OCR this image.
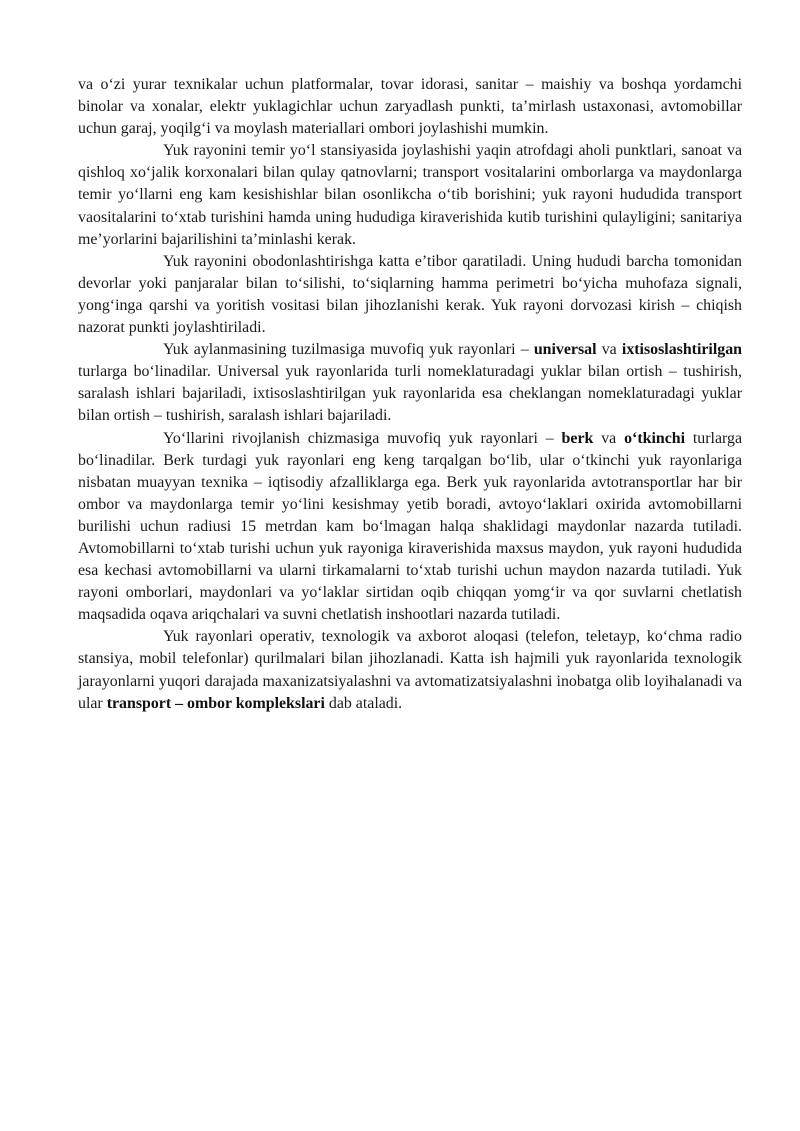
va o‘zi yurar texnikalar uchun platformalar, tovar idorasi, sanitar – maishiy va boshqa yordamchi binolar va xonalar, elektr yuklagichlar uchun zaryadlash punkti, ta’mirlash ustaxonasi, avtomobillar uchun garaj, yoqilg‘i va moylash materiallari ombori joylashishi mumkin.

Yuk rayonini temir yo‘l stansiyasida joylashishi yaqin atrofdagi aholi punktlari, sanoat va qishloq xo‘jalik korxonalari bilan qulay qatnovlarni; transport vositalarini omborlarga va maydonlarga temir yo‘llarni eng kam kesishishlar bilan osonlikcha o‘tib borishini; yuk rayoni hududida transport vaositalarini to‘xtab turishini hamda uning hududiga kiraverishida kutib turishini qulayligini; sanitariya me’yorlarini bajarilishini ta’minlashi kerak.

Yuk rayonini obodonlashtirishga katta e’tibor qaratiladi. Uning hududi barcha tomonidan devorlar yoki panjaralar bilan to‘silishi, to‘siqlarning hamma perimetri bo‘yicha muhofaza signali, yong‘inga qarshi va yoritish vositasi bilan jihozlanishi kerak. Yuk rayoni dorvozasi kirish – chiqish nazorat punkti joylashtiriladi.

Yuk aylanmasining tuzilmasiga muvofiq yuk rayonlari – universal va ixtisoslashtirilgan turlarga bo‘linadilar. Universal yuk rayonlarida turli nomeklaturadagi yuklar bilan ortish – tushirish, saralash ishlari bajariladi, ixtisoslashtirilgan yuk rayonlarida esa cheklangan nomeklaturadagi yuklar bilan ortish – tushirish, saralash ishlari bajariladi.

Yo‘llarini rivojlanish chizmasiga muvofiq yuk rayonlari – berk va o‘tkinchi turlarga bo‘linadilar. Berk turdagi yuk rayonlari eng keng tarqalgan bo‘lib, ular o‘tkinchi yuk rayonlariga nisbatan muayyan texnika – iqtisodiy afzalliklarga ega. Berk yuk rayonlarida avtotransportlar har bir ombor va maydonlarga temir yo‘lini kesishmay yetib boradi, avtoyo‘laklari oxirida avtomobillarni burilishi uchun radiusi 15 metrdan kam bo‘lmagan halqa shaklidagi maydonlar nazarda tutiladi. Avtomobillarni to‘xtab turishi uchun yuk rayoniga kiraverishida maxsus maydon, yuk rayoni hududida esa kechasi avtomobillarni va ularni tirkamalarni to‘xtab turishi uchun maydon nazarda tutiladi. Yuk rayoni omborlari, maydonlari va yo‘laklar sirtidan oqib chiqqan yomg‘ir va qor suvlarni chetlatish maqsadida oqava ariqchalari va suvni chetlatish inshootlari nazarda tutiladi.

Yuk rayonlari operativ, texnologik va axborot aloqasi (telefon, teletayp, ko‘chma radio stansiya, mobil telefonlar) qurilmalari bilan jihozlanadi. Katta ish hajmili yuk rayonlarida texnologik jarayonlarni yuqori darajada maxanizatsiyalashni va avtomatizatsiyalashni inobatga olib loyihalanadi va ular transport – ombor komplekslari dab ataladi.
